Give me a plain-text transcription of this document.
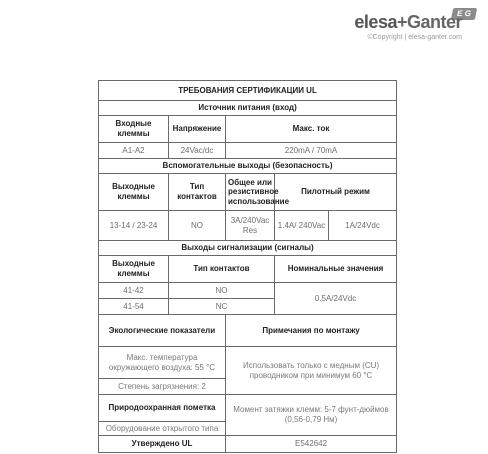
E G
elesa+Ganter
©Copyright | elesa-ganter.com
ТРЕБОВАНИЯ СЕРТИФИКАЦИИ UL				
Источник питания (вход)				
Входные клеммы	Напряжение	Макс. ток		
A1-A2	24Vac/dc	220mA / 70mA		
Вспомогательные выходы (безопасность)				
Выходные клеммы	Тип контактов	Общее или резистивное использование	Пилотный режим	
13-14 / 23-24	NO	3A/240Vac Res	1.4A/ 240Vac	1A/24Vdc
Выходы сигнализации (сигналы)				
Выходные клеммы	Тип контактов		Номинальные значения	
41-42	NO		0.5A/24Vdc	
41-54	NC			
Экологические показатели		Примечания по монтажу		
Макс. температура окружающего воздуха: 55 °C		Использовать только с медным (CU) проводником при минимум 60 °C		
Степень загрязнения: 2				
Природоохранная пометка		Момент затяжки клемм: 5-7 фунт-дюймов (0,56-0,79 Нм)		
Оборудование открытого типа				
Утверждено UL		E542642		
